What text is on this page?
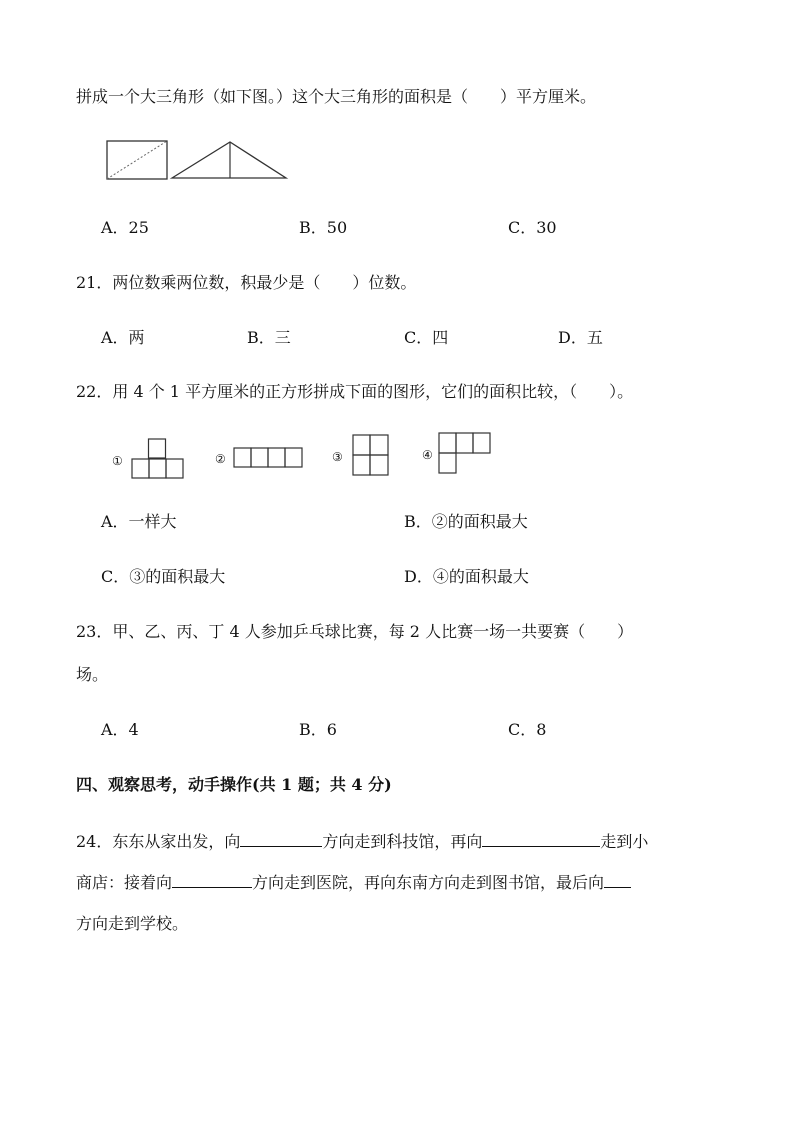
拼成一个大三角形（如下图。）这个大三角形的面积是（　　）平方厘米。
A．25	B．50	C．30
21．两位数乘两位数，积最少是（　　）位数。
A．两	B．三	C．四	D．五
22．用 4 个 1 平方厘米的正方形拼成下面的图形，它们的面积比较，（　　）。
①	②	③	④
A．一样大	B．②的面积最大
C．③的面积最大	D．④的面积最大
23．甲、乙、丙、丁 4 人参加乒乓球比赛，每 2 人比赛一场一共要赛（　　）
场。
A．4	B．6	C．8
四、观察思考，动手操作(共 1 题；共 4 分)
24．东东从家出发，向	方向走到科技馆，再向	走到小
商店：接着向	方向走到医院，再向东南方向走到图书馆，最后向
方向走到学校。
